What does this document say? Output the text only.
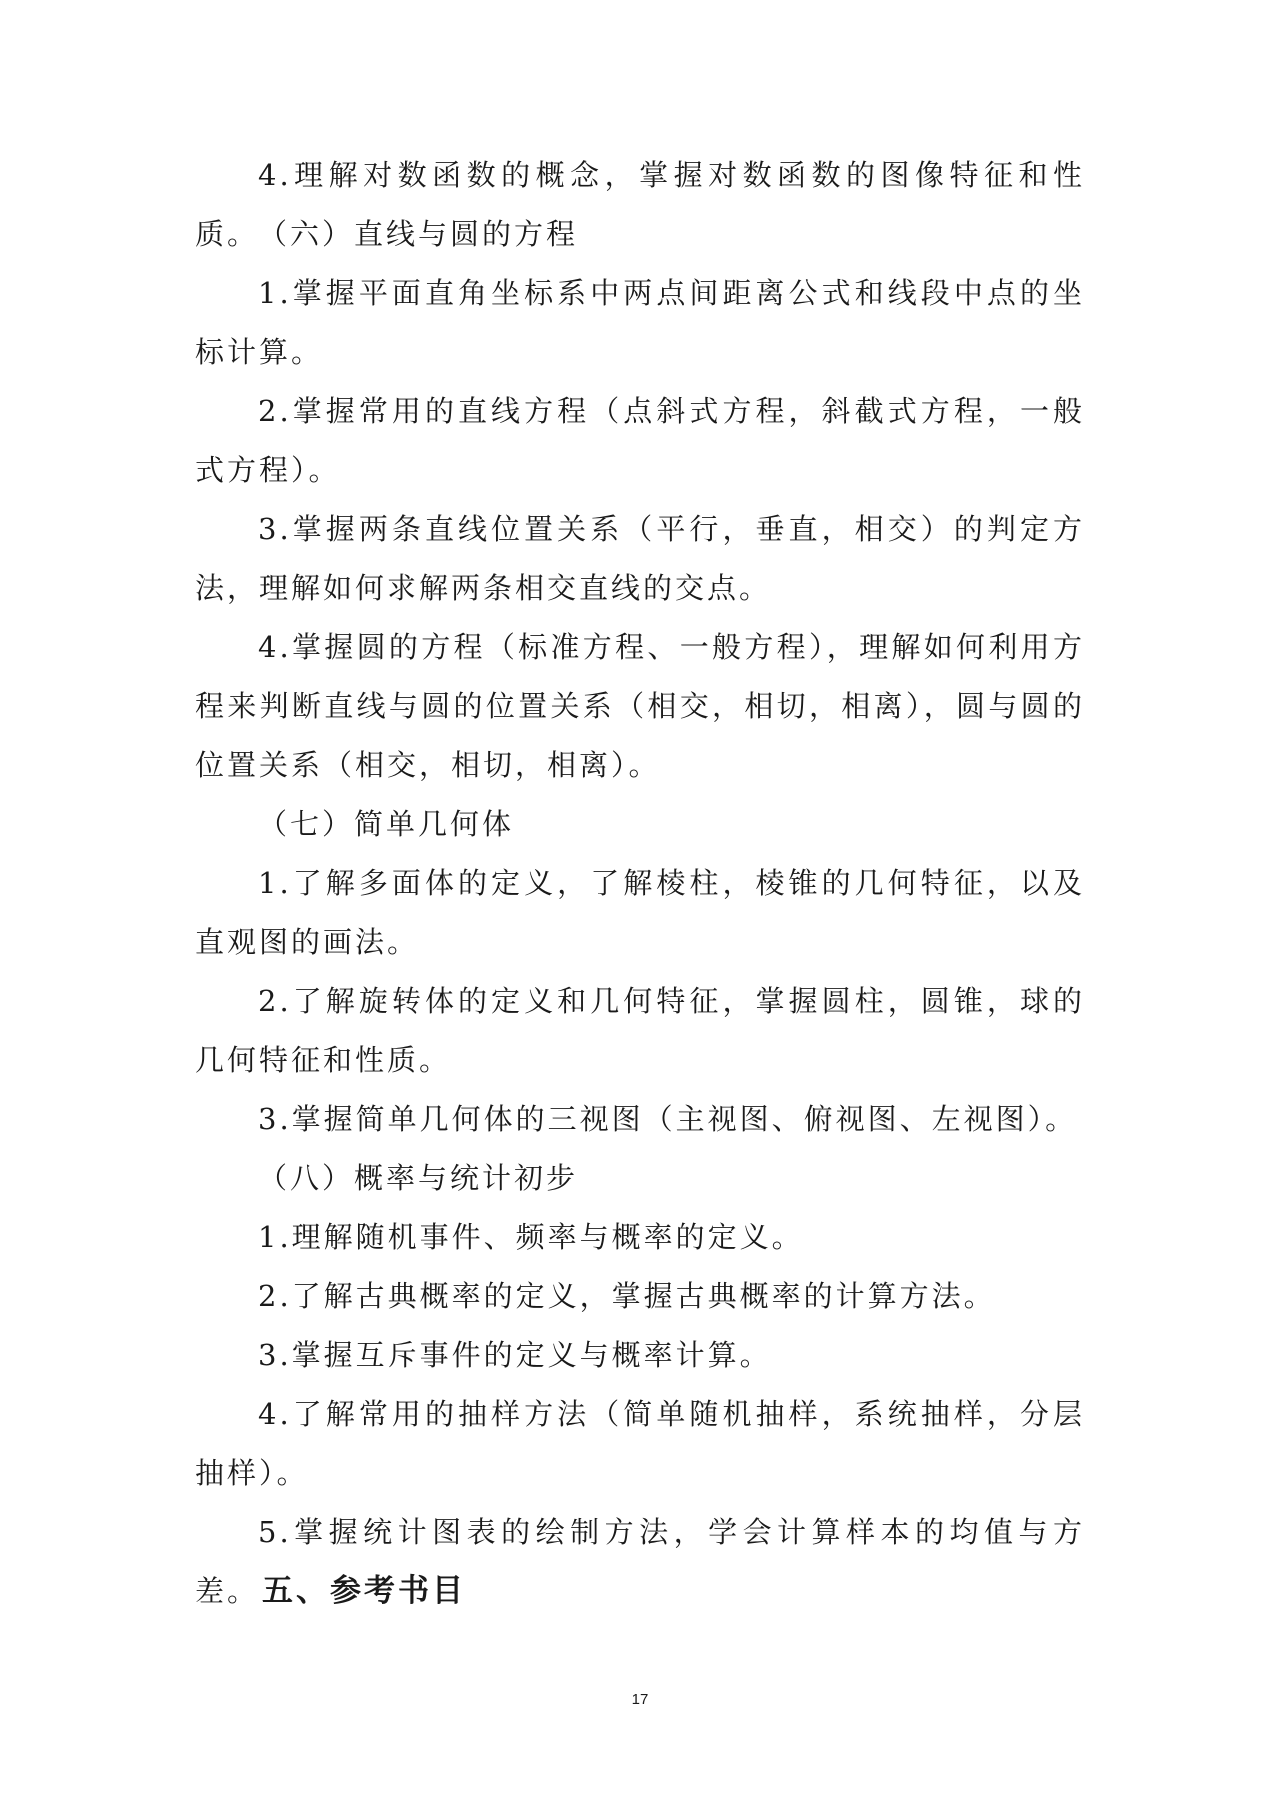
4.理解对数函数的概念，掌握对数函数的图像特征和性质。

（六）直线与圆的方程

1.掌握平面直角坐标系中两点间距离公式和线段中点的坐标计算。

2.掌握常用的直线方程（点斜式方程，斜截式方程，一般式方程）。

3.掌握两条直线位置关系（平行，垂直，相交）的判定方法，理解如何求解两条相交直线的交点。

4.掌握圆的方程（标准方程、一般方程），理解如何利用方程来判断直线与圆的位置关系（相交，相切，相离），圆与圆的位置关系（相交，相切，相离）。

（七）简单几何体

1.了解多面体的定义，了解棱柱，棱锥的几何特征，以及直观图的画法。

2.了解旋转体的定义和几何特征，掌握圆柱，圆锥，球的几何特征和性质。

3.掌握简单几何体的三视图（主视图、俯视图、左视图）。

（八）概率与统计初步

1.理解随机事件、频率与概率的定义。

2.了解古典概率的定义，掌握古典概率的计算方法。

3.掌握互斥事件的定义与概率计算。

4.了解常用的抽样方法（简单随机抽样，系统抽样，分层抽样）。

5.掌握统计图表的绘制方法，学会计算样本的均值与方差。 五、参考书目

17
